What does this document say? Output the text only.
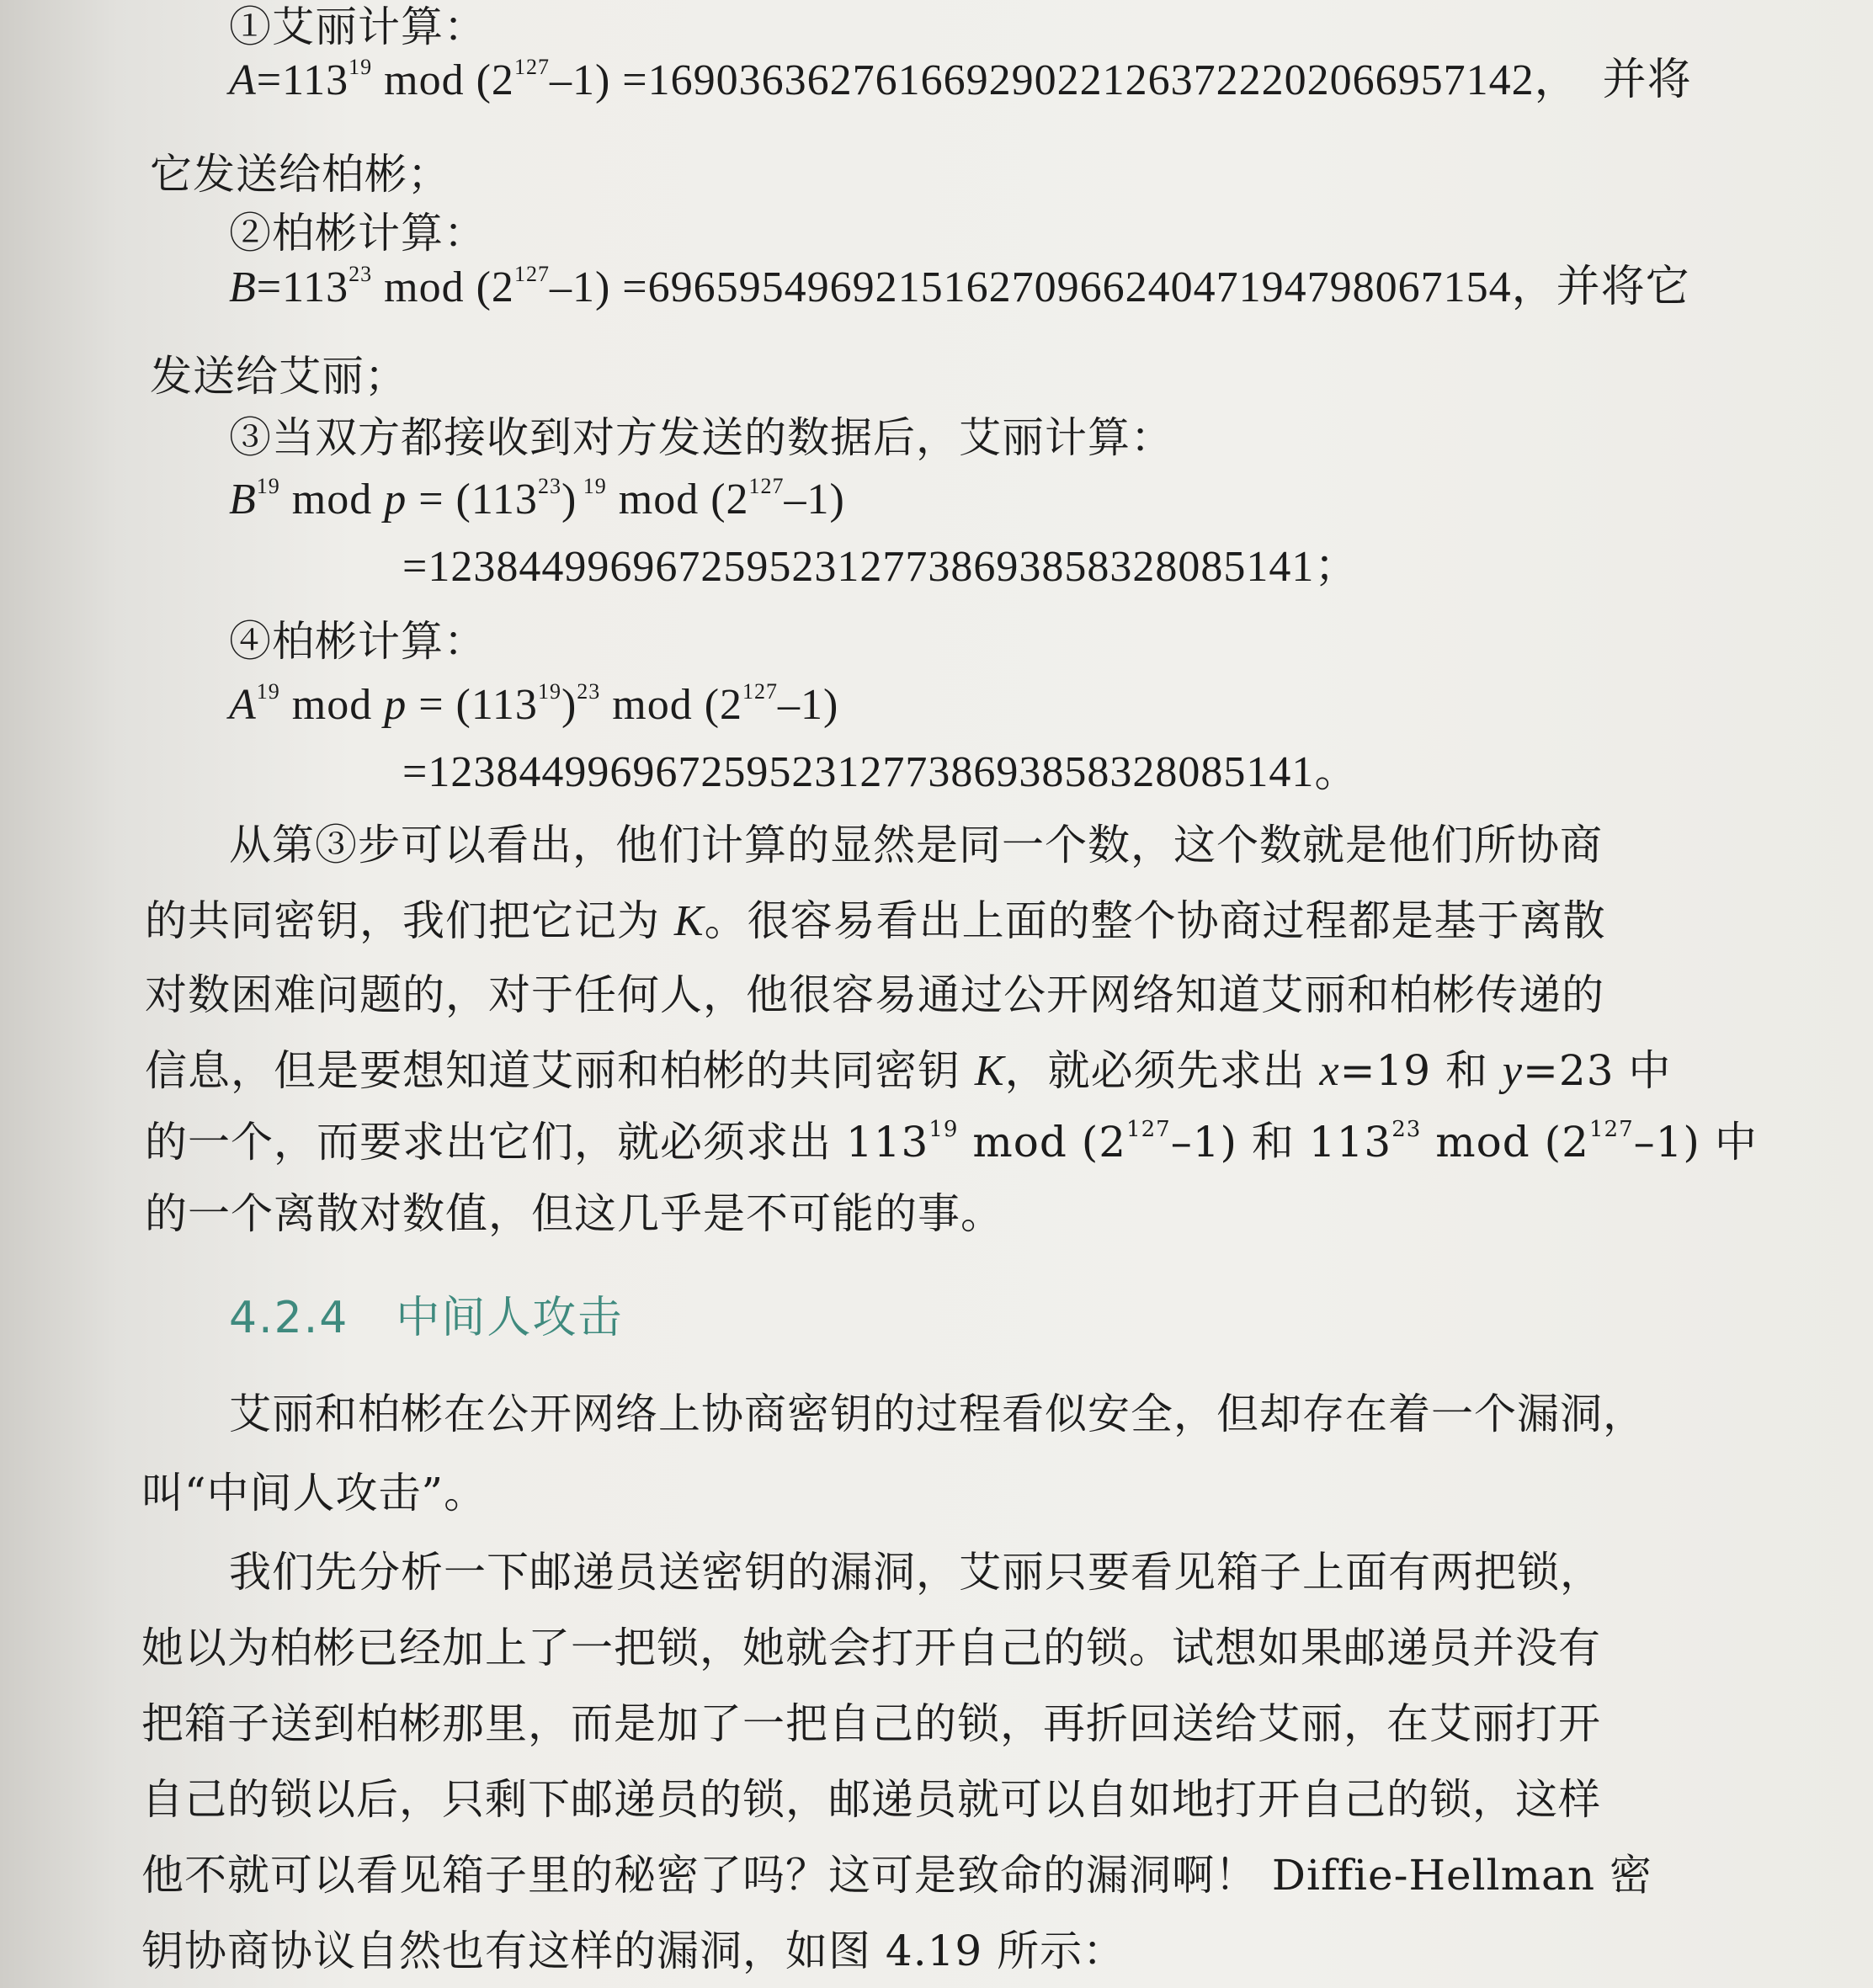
①艾丽计算：
$A=113^{19}$ mod $(2^{127}-1) =169036362761669290221263722202066957142$， 并将
它发送给柏彬；
②柏彬计算：
$B=113^{23}$ mod $(2^{127}-1) =69659549692151627096624047194798067154$，并将它
发送给艾丽；
③当双方都接收到对方发送的数据后，艾丽计算：
$B^{19}$ mod $p = (113^{23})$ $^{19}$ mod $(2^{127}-1)$
=123844996967259523127738693858328085141；
④柏彬计算：
$A^{19}$ mod $p = (113^{19})^{23}$ mod $(2^{127}-1)$
=123844996967259523127738693858328085141。
从第③步可以看出，他们计算的显然是同一个数，这个数就是他们所协商
的共同密钥，我们把它记为 K。很容易看出上面的整个协商过程都是基于离散
对数困难问题的，对于任何人，他很容易通过公开网络知道艾丽和柏彬传递的
信息，但是要想知道艾丽和柏彬的共同密钥 K，就必须先求出 x=19 和 y=23 中
的一个，而要求出它们，就必须求出 $113^{19}$ mod $(2^{127}-1)$ 和 $113^{23}$ mod $(2^{127}-1)$ 中
的一个离散对数值，但这几乎是不可能的事。
4.2.4 中间人攻击
艾丽和柏彬在公开网络上协商密钥的过程看似安全，但却存在着一个漏洞，
叫“中间人攻击”。
我们先分析一下邮递员送密钥的漏洞，艾丽只要看见箱子上面有两把锁，
她以为柏彬已经加上了一把锁，她就会打开自己的锁。试想如果邮递员并没有
把箱子送到柏彬那里，而是加了一把自己的锁，再折回送给艾丽，在艾丽打开
自己的锁以后，只剩下邮递员的锁，邮递员就可以自如地打开自己的锁，这样
他不就可以看见箱子里的秘密了吗？这可是致命的漏洞啊！ Diffie-Hellman 密
钥协商协议自然也有这样的漏洞，如图 4.19 所示：
